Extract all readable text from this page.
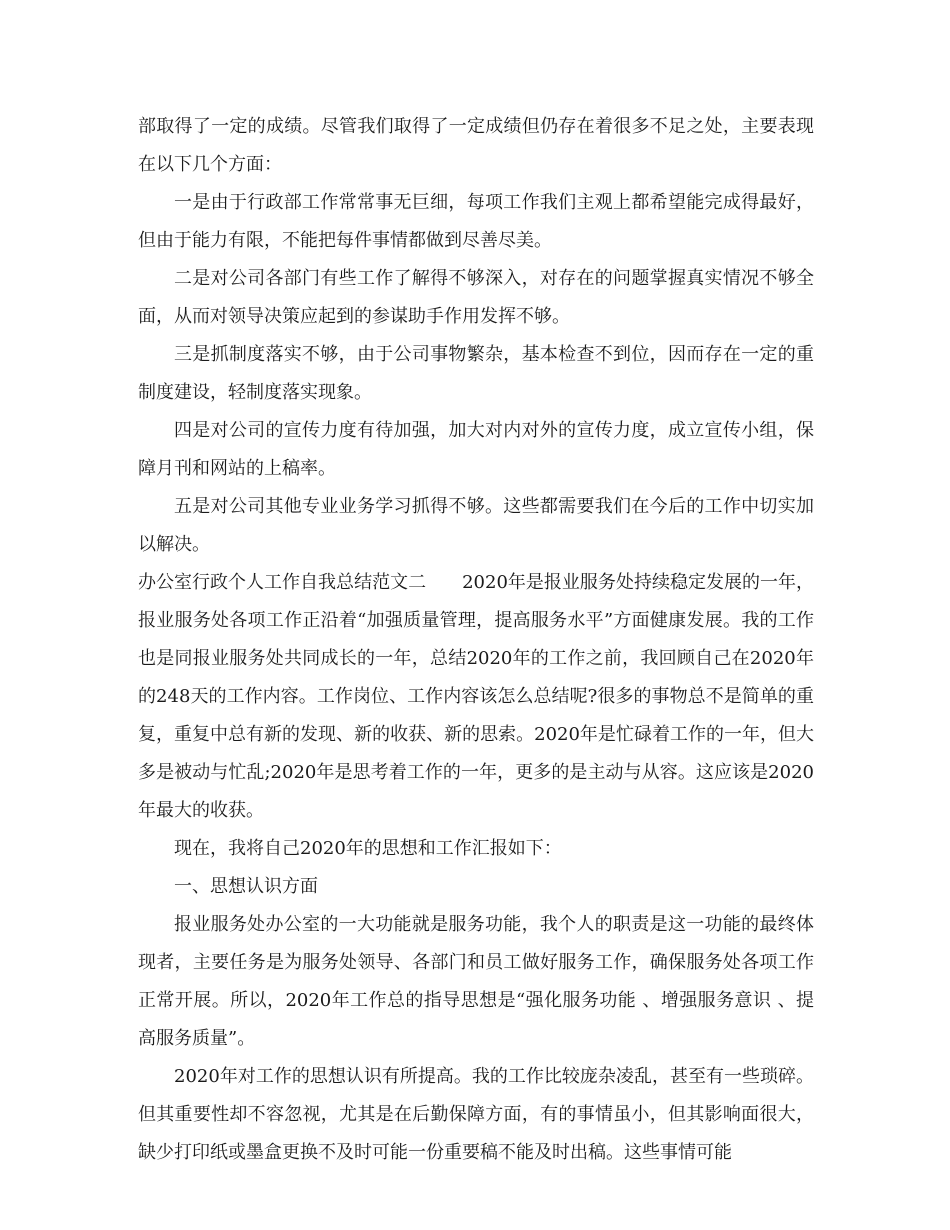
部取得了一定的成绩。尽管我们取得了一定成绩但仍存在着很多不足之处，主要表现在以下几个方面：

一是由于行政部工作常常事无巨细，每项工作我们主观上都希望能完成得最好，但由于能力有限，不能把每件事情都做到尽善尽美。

二是对公司各部门有些工作了解得不够深入，对存在的问题掌握真实情况不够全面，从而对领导决策应起到的参谋助手作用发挥不够。

三是抓制度落实不够，由于公司事物繁杂，基本检查不到位，因而存在一定的重制度建设，轻制度落实现象。

四是对公司的宣传力度有待加强，加大对内对外的宣传力度，成立宣传小组，保障月刊和网站的上稿率。

五是对公司其他专业业务学习抓得不够。这些都需要我们在今后的工作中切实加以解决。

办公室行政个人工作自我总结范文二　　2020年是报业服务处持续稳定发展的一年，报业服务处各项工作正沿着“加强质量管理，提高服务水平”方面健康发展。我的工作也是同报业服务处共同成长的一年，总结2020年的工作之前，我回顾自己在2020年的248天的工作内容。工作岗位、工作内容该怎么总结呢?很多的事物总不是简单的重复，重复中总有新的发现、新的收获、新的思索。2020年是忙碌着工作的一年，但大多是被动与忙乱;2020年是思考着工作的一年，更多的是主动与从容。这应该是2020年最大的收获。

现在，我将自己2020年的思想和工作汇报如下：

一、思想认识方面

报业服务处办公室的一大功能就是服务功能，我个人的职责是这一功能的最终体现者，主要任务是为服务处领导、各部门和员工做好服务工作，确保服务处各项工作正常开展。所以，2020年工作总的指导思想是“强化服务功能 、增强服务意识 、提高服务质量”。

2020年对工作的思想认识有所提高。我的工作比较庞杂凌乱，甚至有一些琐碎。但其重要性却不容忽视，尤其是在后勤保障方面，有的事情虽小，但其影响面很大，缺少打印纸或墨盒更换不及时可能一份重要稿不能及时出稿。这些事情可能
